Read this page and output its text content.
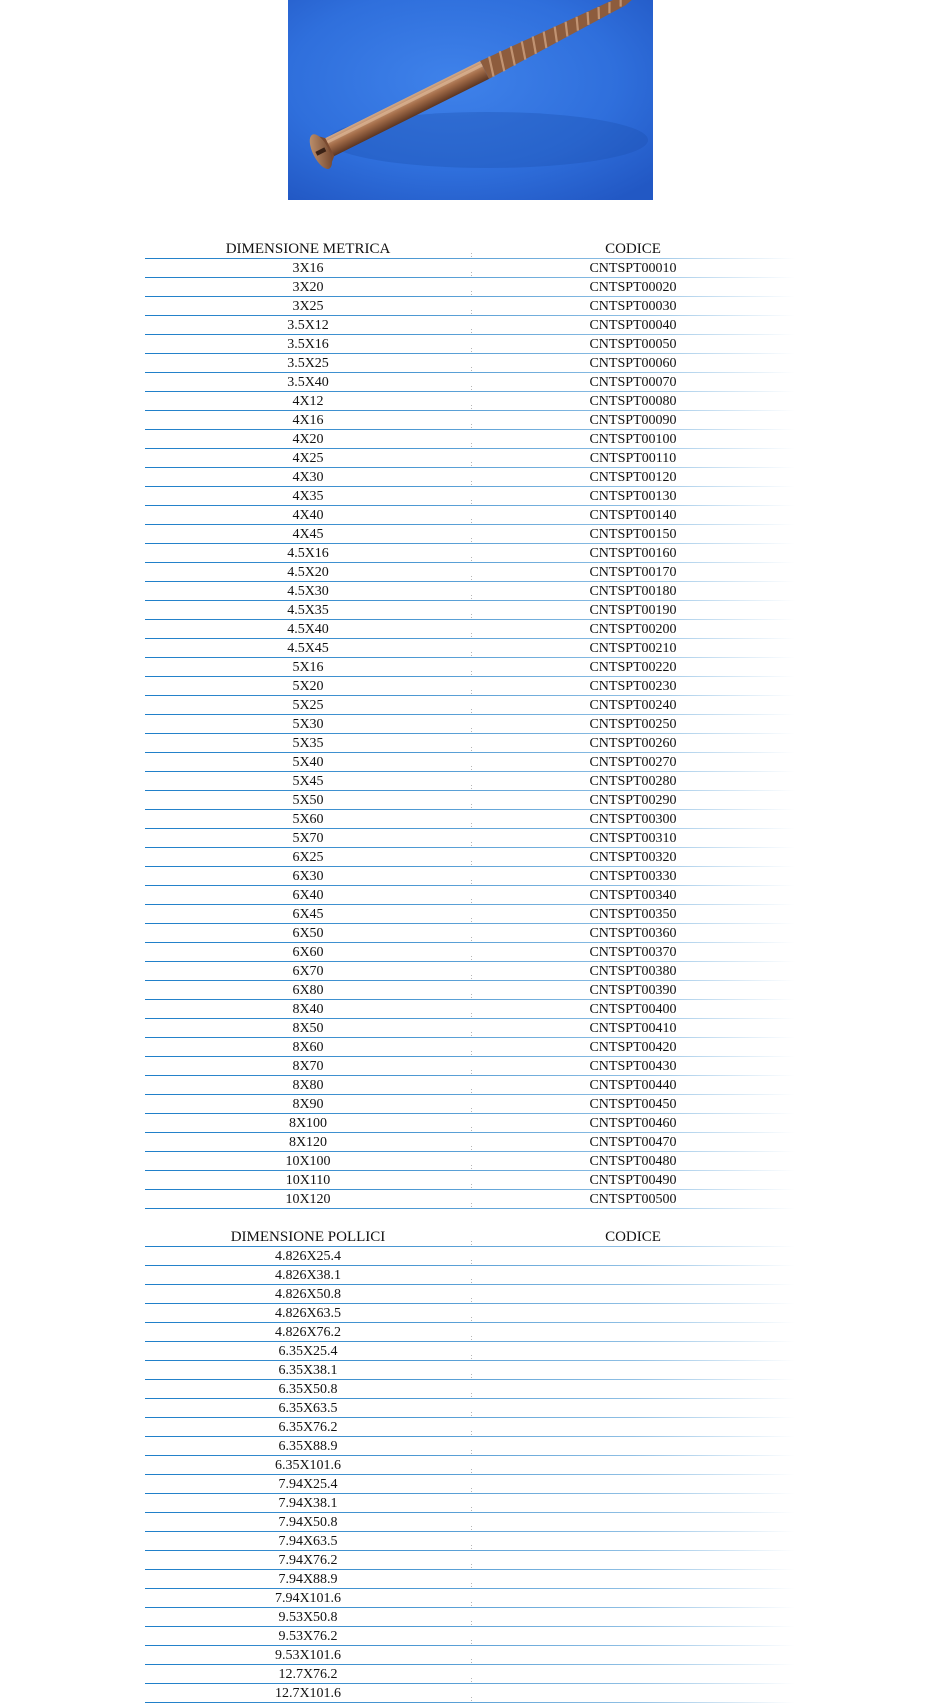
DIMENSIONE METRICA	CODICE
3X16	CNTSPT00010
3X20	CNTSPT00020
3X25	CNTSPT00030
3.5X12	CNTSPT00040
3.5X16	CNTSPT00050
3.5X25	CNTSPT00060
3.5X40	CNTSPT00070
4X12	CNTSPT00080
4X16	CNTSPT00090
4X20	CNTSPT00100
4X25	CNTSPT00110
4X30	CNTSPT00120
4X35	CNTSPT00130
4X40	CNTSPT00140
4X45	CNTSPT00150
4.5X16	CNTSPT00160
4.5X20	CNTSPT00170
4.5X30	CNTSPT00180
4.5X35	CNTSPT00190
4.5X40	CNTSPT00200
4.5X45	CNTSPT00210
5X16	CNTSPT00220
5X20	CNTSPT00230
5X25	CNTSPT00240
5X30	CNTSPT00250
5X35	CNTSPT00260
5X40	CNTSPT00270
5X45	CNTSPT00280
5X50	CNTSPT00290
5X60	CNTSPT00300
5X70	CNTSPT00310
6X25	CNTSPT00320
6X30	CNTSPT00330
6X40	CNTSPT00340
6X45	CNTSPT00350
6X50	CNTSPT00360
6X60	CNTSPT00370
6X70	CNTSPT00380
6X80	CNTSPT00390
8X40	CNTSPT00400
8X50	CNTSPT00410
8X60	CNTSPT00420
8X70	CNTSPT00430
8X80	CNTSPT00440
8X90	CNTSPT00450
8X100	CNTSPT00460
8X120	CNTSPT00470
10X100	CNTSPT00480
10X110	CNTSPT00490
10X120	CNTSPT00500
DIMENSIONE POLLICI	CODICE
4.826X25.4
4.826X38.1
4.826X50.8
4.826X63.5
4.826X76.2
6.35X25.4
6.35X38.1
6.35X50.8
6.35X63.5
6.35X76.2
6.35X88.9
6.35X101.6
7.94X25.4
7.94X38.1
7.94X50.8
7.94X63.5
7.94X76.2
7.94X88.9
7.94X101.6
9.53X50.8
9.53X76.2
9.53X101.6
12.7X76.2
12.7X101.6
